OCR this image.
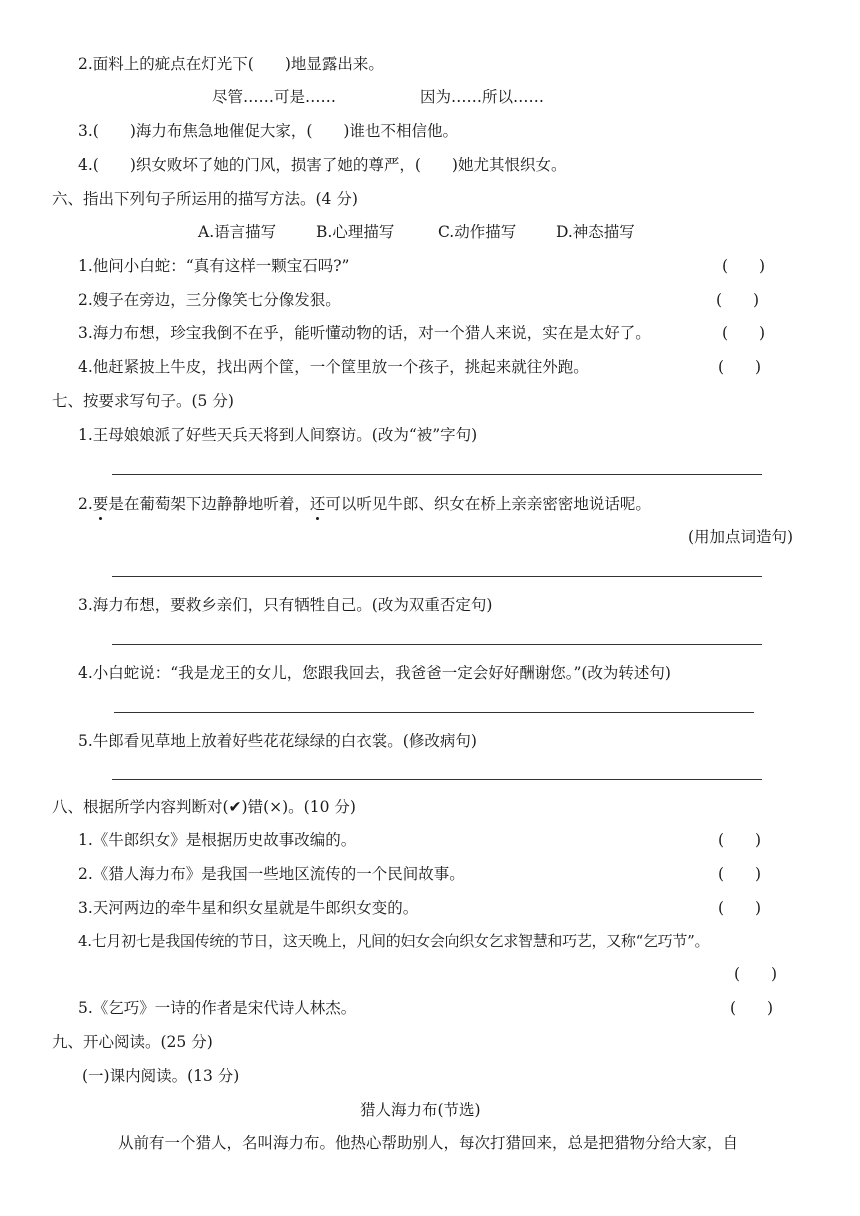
2.面料上的疵点在灯光下(　　)地显露出来。
尽管……可是……	因为……所以……
3.(　　)海力布焦急地催促大家，(　　)谁也不相信他。
4.(　　)织女败坏了她的门风，损害了她的尊严，(　　)她尤其恨织女。
六、指出下列句子所运用的描写方法。(4 分)
A.语言描写	B.心理描写	C.动作描写	D.神态描写
1.他问小白蛇：“真有这样一颗宝石吗?”	(　　)
2.嫂子在旁边，三分像笑七分像发狠。	(　　)
3.海力布想，珍宝我倒不在乎，能听懂动物的话，对一个猎人来说，实在是太好了。	(　　)
4.他赶紧披上牛皮，找出两个筐，一个筐里放一个孩子，挑起来就往外跑。	(　　)
七、按要求写句子。(5 分)
1.王母娘娘派了好些天兵天将到人间察访。(改为“被”字句)
2.要是在葡萄架下边静静地听着，还可以听见牛郎、织女在桥上亲亲密密地说话呢。
(用加点词造句)
3.海力布想，要救乡亲们，只有牺牲自己。(改为双重否定句)
4.小白蛇说：“我是龙王的女儿，您跟我回去，我爸爸一定会好好酬谢您。”(改为转述句)
5.牛郎看见草地上放着好些花花绿绿的白衣裳。(修改病句)
八、根据所学内容判断对(✔)错(×)。(10 分)
1.《牛郎织女》是根据历史故事改编的。	(　　)
2.《猎人海力布》是我国一些地区流传的一个民间故事。	(　　)
3.天河两边的牵牛星和织女星就是牛郎织女变的。	(　　)
4.七月初七是我国传统的节日，这天晚上，凡间的妇女会向织女乞求智慧和巧艺，又称“乞巧节”。
(　　)
5.《乞巧》一诗的作者是宋代诗人林杰。	(　　)
九、开心阅读。(25 分)
(一)课内阅读。(13 分)
猎人海力布(节选)
从前有一个猎人，名叫海力布。他热心帮助别人，每次打猎回来，总是把猎物分给大家，自
